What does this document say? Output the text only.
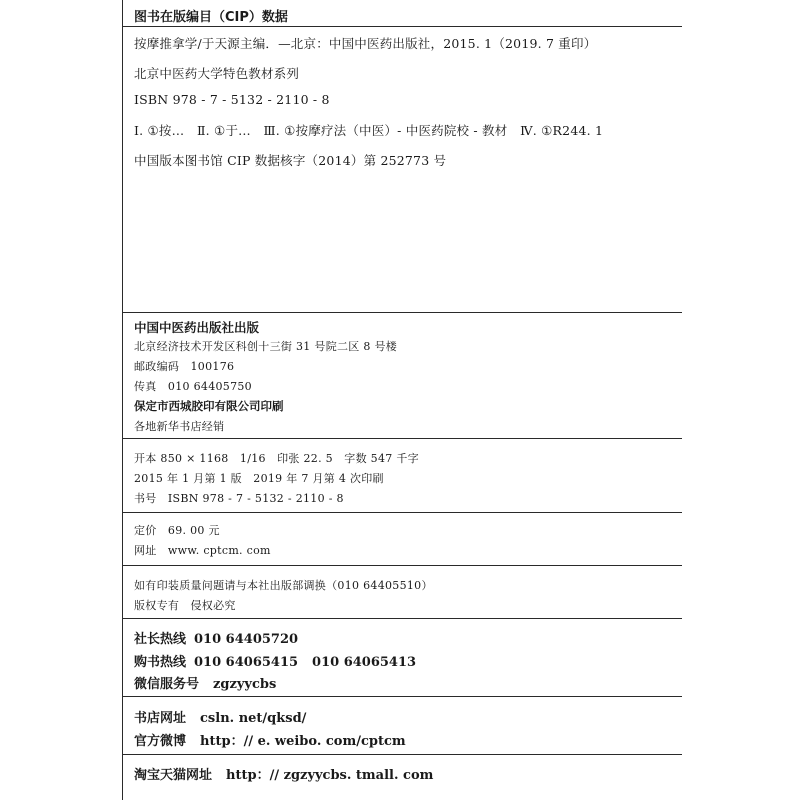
图书在版编目（CIP）数据
按摩推拿学/于天源主编．—北京：中国中医药出版社，2015. 1（2019. 7 重印）
北京中医药大学特色教材系列
ISBN 978 - 7 - 5132 - 2110 - 8
Ⅰ. ①按…　Ⅱ. ①于…　Ⅲ. ①按摩疗法（中医）- 中医药院校 - 教材　Ⅳ. ①R244. 1
中国版本图书馆 CIP 数据核字（2014）第 252773 号
中国中医药出版社出版
北京经济技术开发区科创十三街 31 号院二区 8 号楼
邮政编码　100176
传真　010 64405750
保定市西城胶印有限公司印刷
各地新华书店经销
开本 850 × 1168　1/16　印张 22. 5　字数 547 千字
2015 年 1 月第 1 版　2019 年 7 月第 4 次印刷
书号　ISBN 978 - 7 - 5132 - 2110 - 8
定价　69. 00 元
网址　www. cptcm. com
如有印装质量问题请与本社出版部调换（010 64405510）
版权专有　侵权必究
社长热线 010 64405720
购书热线 010 64065415 010 64065413
微信服务号 zgzyycbs
书店网址 csln. net/qksd/
官方微博 http：// e. weibo. com/cptcm
淘宝天猫网址 http：// zgzyycbs. tmall. com
